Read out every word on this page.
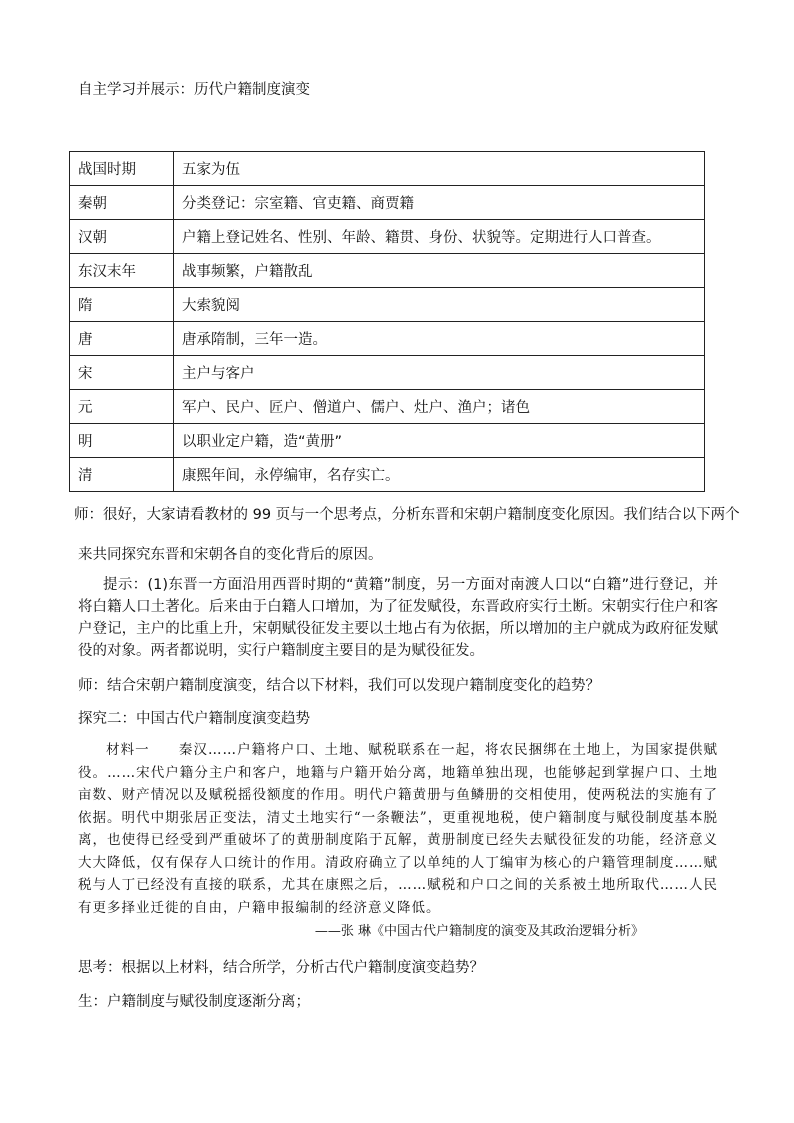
自主学习并展示：历代户籍制度演变
战国时期	五家为伍
秦朝	分类登记：宗室籍、官吏籍、商贾籍
汉朝	户籍上登记姓名、性别、年龄、籍贯、身份、状貌等。定期进行人口普查。
东汉末年	战事频繁，户籍散乱
隋	大索貌阅
唐	唐承隋制，三年一造。
宋	主户与客户
元	军户、民户、匠户、僧道户、儒户、灶户、渔户；诸色
明	以职业定户籍，造“黄册”
清	康熙年间，永停编审，名存实亡。
师：很好，大家请看教材的 99 页与一个思考点，分析东晋和宋朝户籍制度变化原因。我们结合以下两个
来共同探究东晋和宋朝各自的变化背后的原因。

提示：(1)东晋一方面沿用西晋时期的“黄籍”制度，另一方面对南渡人口以“白籍”进行登记，并将白籍人口土著化。后来由于白籍人口增加，为了征发赋役，东晋政府实行土断。宋朝实行住户和客户登记，主户的比重上升，宋朝赋役征发主要以土地占有为依据，所以增加的主户就成为政府征发赋役的对象。两者都说明，实行户籍制度主要目的是为赋役征发。

师：结合宋朝户籍制度演变，结合以下材料，我们可以发现户籍制度变化的趋势？
探究二：中国古代户籍制度演变趋势

材料一　　秦汉……户籍将户口、土地、赋税联系在一起，将农民捆绑在土地上，为国家提供赋役。……宋代户籍分主户和客户，地籍与户籍开始分离，地籍单独出现，也能够起到掌握户口、土地亩数、财产情况以及赋税摇役额度的作用。明代户籍黄册与鱼鳞册的交相使用，使两税法的实施有了依据。明代中期张居正变法，清丈土地实行“一条鞭法”，更重视地税，使户籍制度与赋役制度基本脱离，也使得已经受到严重破坏了的黄册制度陷于瓦解，黄册制度已经失去赋役征发的功能，经济意义大大降低，仅有保存人口统计的作用。清政府确立了以单纯的人丁编审为核心的户籍管理制度……赋税与人丁已经没有直接的联系，尤其在康熙之后，……赋税和户口之间的关系被土地所取代……人民有更多择业迁徙的自由，户籍申报编制的经济意义降低。

——张 琳《中国古代户籍制度的演变及其政治逻辑分析》
思考：根据以上材料，结合所学，分析古代户籍制度演变趋势？
生：户籍制度与赋役制度逐渐分离；
